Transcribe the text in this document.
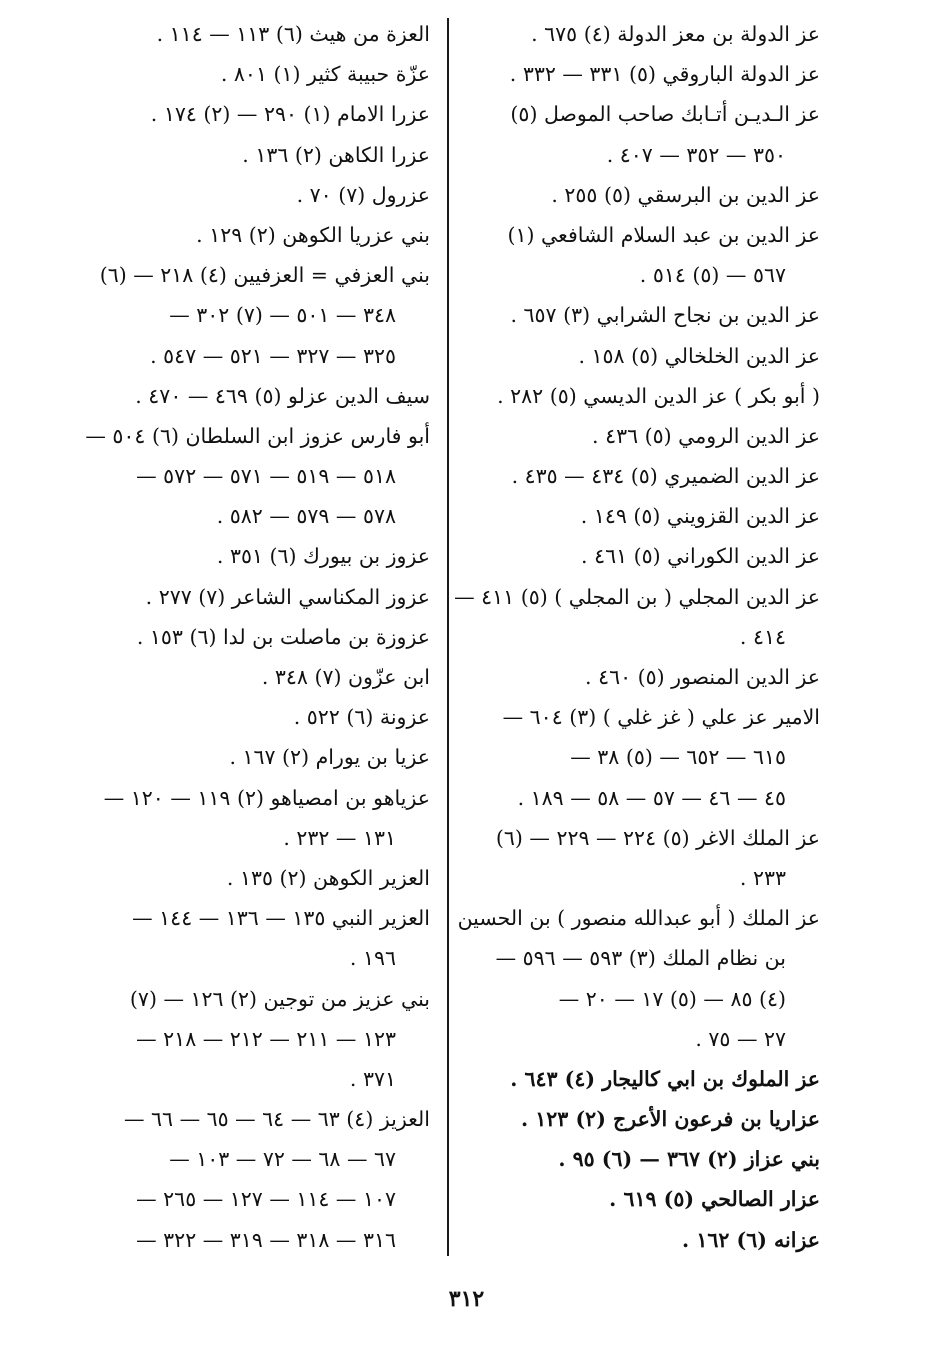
عز الدولة بن معز الدولة (٤) ٦٧٥ .
عز الدولة البارو‌قي (٥) ٣٣١ — ٣٣٢ .
عز الـديـن أتـابك صاحب الموصل (٥)
٣٥٠ — ٣٥٢ — ٤٠٧ .
عز الدين بن البرسقي (٥) ٢٥٥ .
عز الدين بن عبد السلام الشافعي (١)
٥٦٧ — (٥) ٥١٤ .
عز الدين بن نجاح الشرابي (٣) ٦٥٧ .
عز الدين الخلخالي (٥) ١٥٨ .
( أبو بكر ) عز الدين الديسي (٥) ٢٨٢ .
عز الدين الرومي (٥) ٤٣٦ .
عز الدين الضميري (٥) ٤٣٤ — ٤٣٥ .
عز الدين القزويني (٥) ١٤٩ .
عز الدين الكوراني (٥) ٤٦١ .
عز الدين المجلي ( بن المجلي ) (٥) ٤١١ —
٤١٤ .
عز الدين المنصور (٥) ٤٦٠ .
الامير عز علي ( غز غلي ) (٣) ٦٠٤ —
٦١٥ — ٦٥٢ — (٥) ٣٨ —
٤٥ — ٤٦ — ٥٧ — ٥٨ — ١٨٩ .
عز الملك الاغر (٥) ٢٢٤ — ٢٢٩ — (٦)
٢٣٣ .
عز الملك ( أبو عبدالله منصور ) بن الحسين
بن نظام الملك (٣) ٥٩٣ — ٥٩٦ —
(٤) ٨٥ — (٥) ١٧ — ٢٠ —
٢٧ — ٧٥ .
عز الملوك بن ابي كاليجار (٤) ٦٤٣ .
عزاريا بن فرعون الأعرج (٢) ١٢٣ .
بني عزاز (٢) ٣٦٧ — (٦) ٩٥ .
عزار الصالحي (٥) ٦١٩ .
عزانه (٦) ١٦٢ .
العزة من هيث (٦) ١١٣ — ١١٤ .
عزّة حبيبة كثير (١) ٨٠١ .
عزرا الامام (١) ٢٩٠ — (٢) ١٧٤ .
عزرا الكاهن (٢) ١٣٦ .
عزرول (٧) ٧٠ .
بني عزريا الكوهن (٢) ١٢٩ .
بني العزفي = العزفيين (٤) ٢١٨ — (٦)
٣٤٨ — ٥٠١ — (٧) ٣٠٢ —
٣٢٥ — ٣٢٧ — ٥٢١ — ٥٤٧ .
سيف الدين عزلو (٥) ٤٦٩ — ٤٧٠ .
أبو فارس عزوز ابن السلطان (٦) ٥٠٤ —
٥١٨ — ٥١٩ — ٥٧١ — ٥٧٢ —
٥٧٨ — ٥٧٩ — ٥٨٢ .
عزوز بن بيورك (٦) ٣٥١ .
عزوز المكناسي الشاعر (٧) ٢٧٧ .
عزوزة بن ماصلت بن لدا (٦) ١٥٣ .
ابن عزّون (٧) ٣٤٨ .
عزونة (٦) ٥٢٢ .
عزيا بن يورام (٢) ١٦٧ .
عزياهو بن امصياهو (٢) ١١٩ — ١٢٠ —
١٣١ — ٢٣٢ .
العزير الكوهن (٢) ١٣٥ .
العزير النبي ١٣٥ — ١٣٦ — ١٤٤ —
١٩٦ .
بني عزيز من توجين (٢) ١٢٦ — (٧)
١٢٣ — ٢١١ — ٢١٢ — ٢١٨ —
٣٧١ .
العزيز (٤) ٦٣ — ٦٤ — ٦٥ — ٦٦ —
٦٧ — ٦٨ — ٧٢ — ١٠٣ —
١٠٧ — ١١٤ — ١٢٧ — ٢٦٥ —
٣١٦ — ٣١٨ — ٣١٩ — ٣٢٢ —
٣١٢
